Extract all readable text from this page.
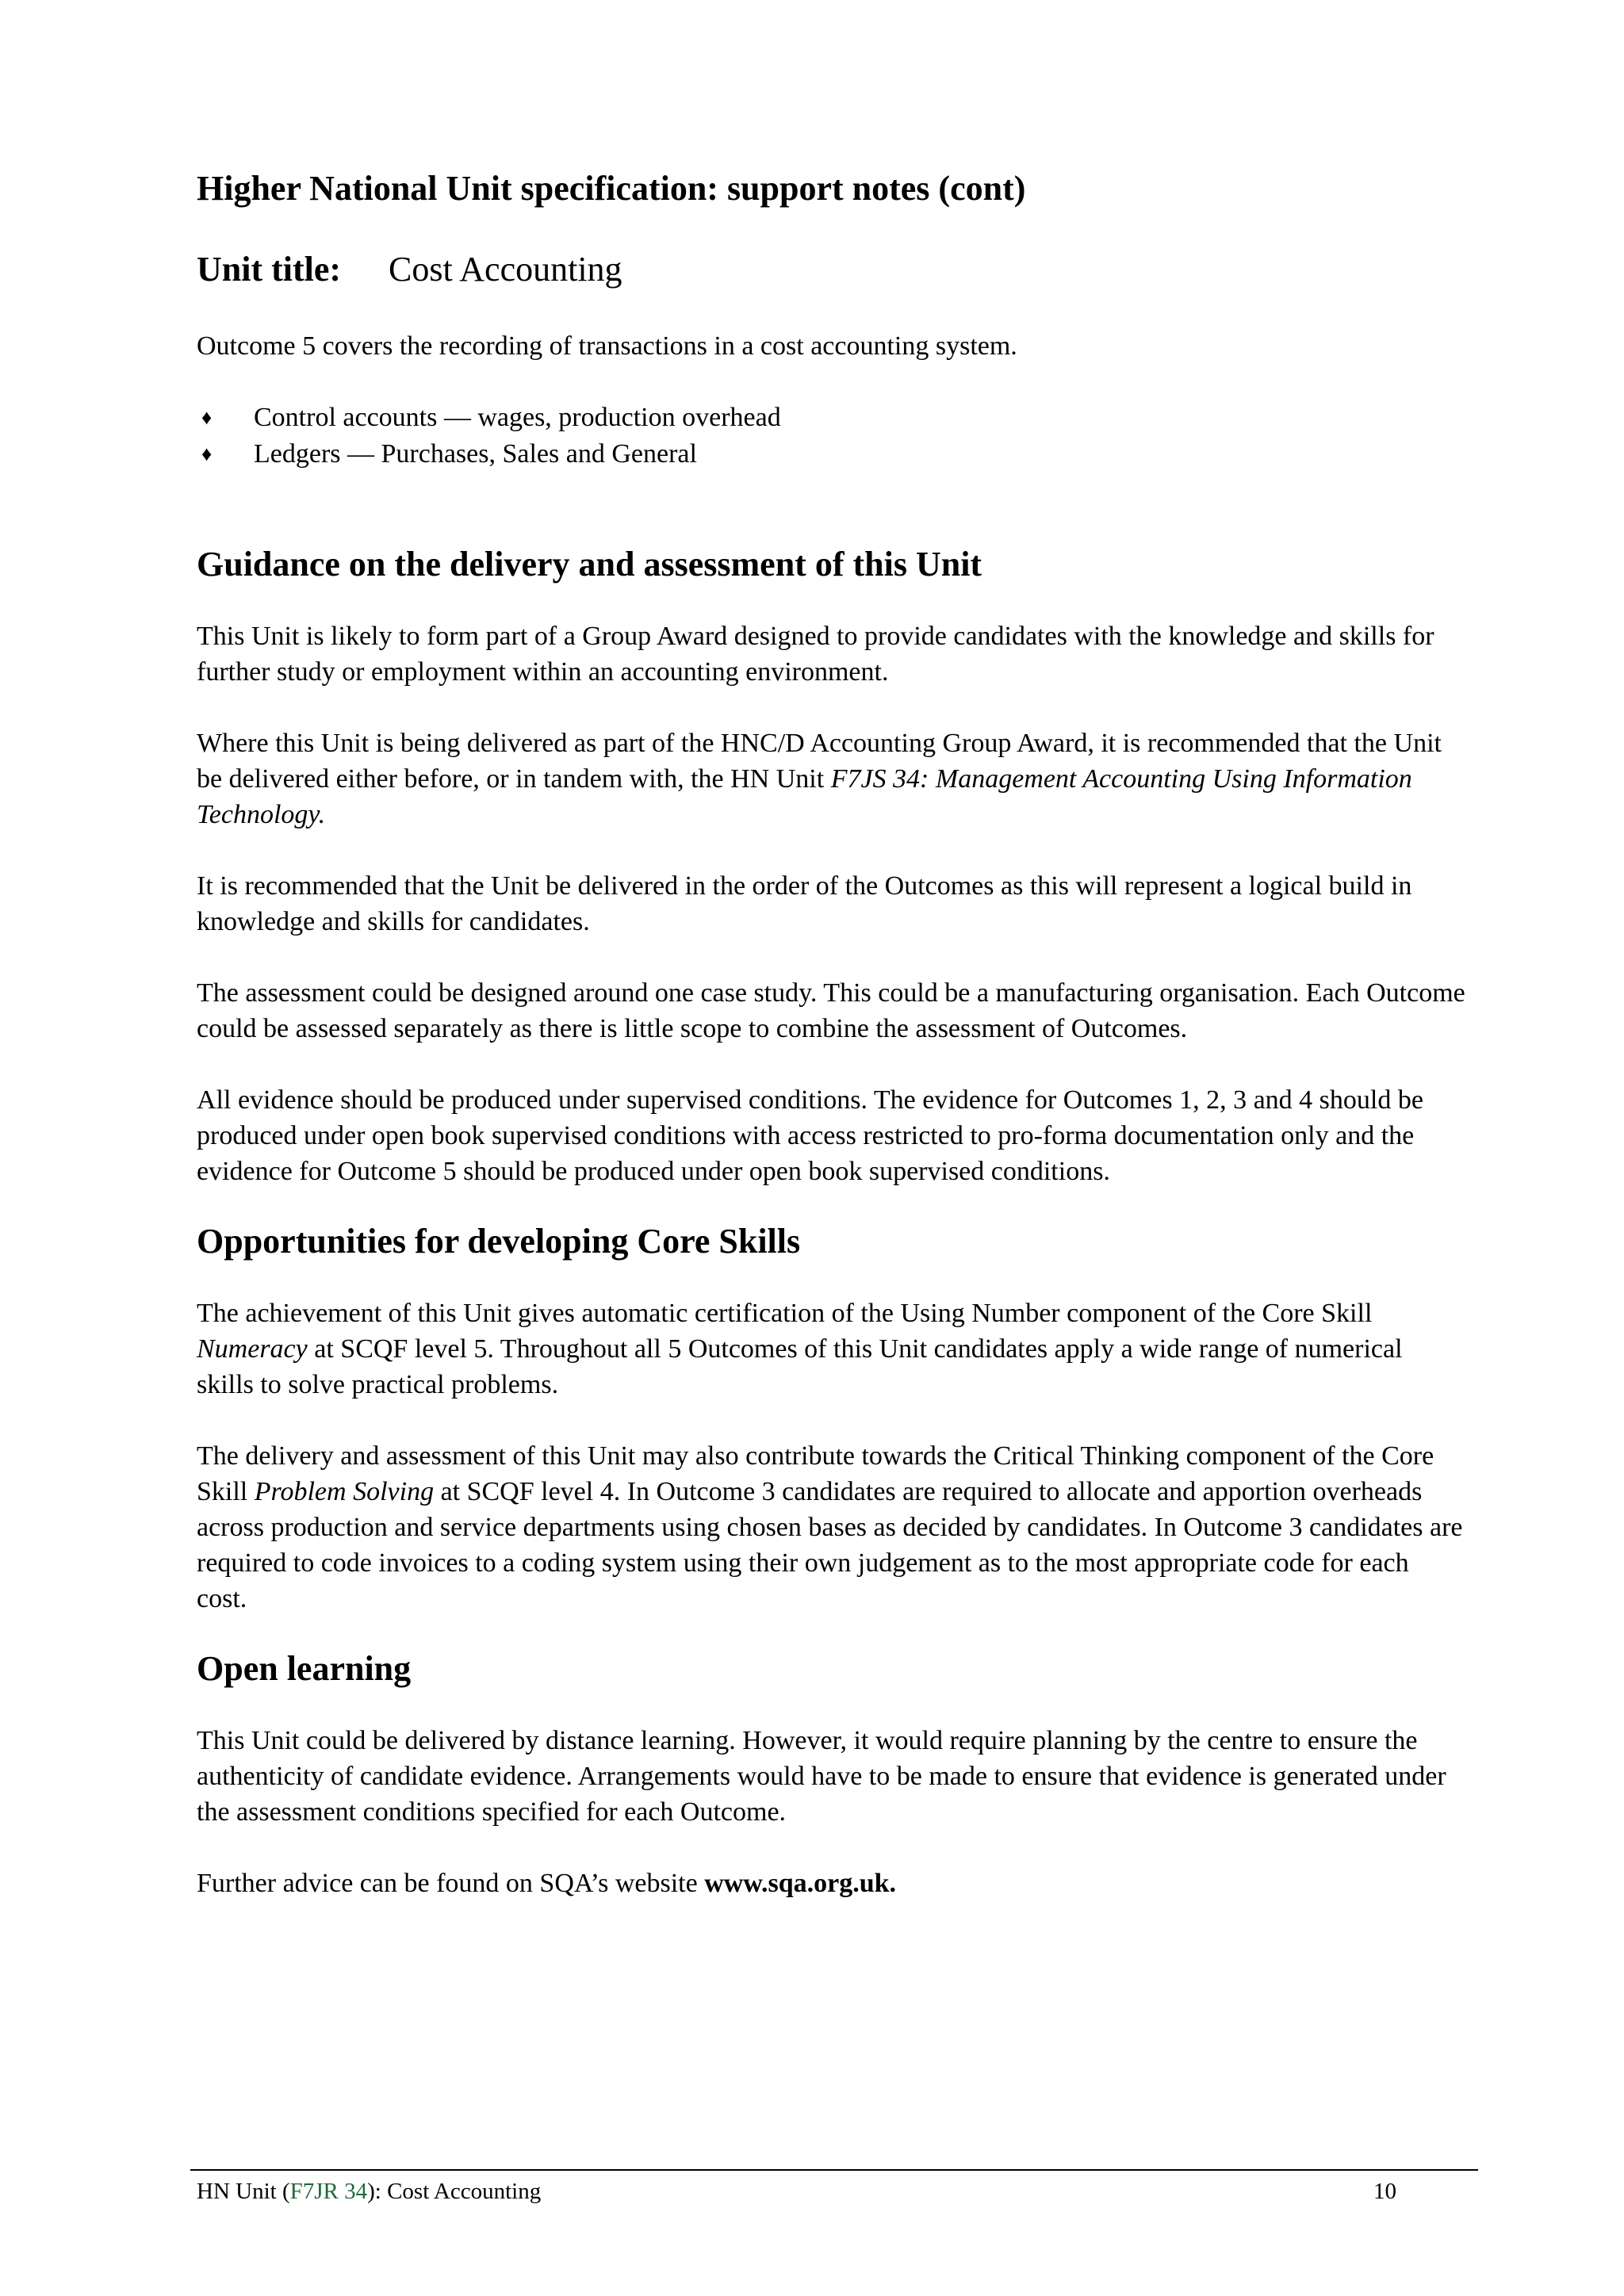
Higher National Unit specification: support notes (cont)
Unit title: Cost Accounting

Outcome 5 covers the recording of transactions in a cost accounting system.

♦ Control accounts — wages, production overhead
♦ Ledgers — Purchases, Sales and General
Guidance on the delivery and assessment of this Unit

This Unit is likely to form part of a Group Award designed to provide candidates with the knowledge and skills for further study or employment within an accounting environment.

Where this Unit is being delivered as part of the HNC/D Accounting Group Award, it is recommended that the Unit be delivered either before, or in tandem with, the HN Unit F7JS 34: Management Accounting Using Information Technology.

It is recommended that the Unit be delivered in the order of the Outcomes as this will represent a logical build in knowledge and skills for candidates.

The assessment could be designed around one case study. This could be a manufacturing organisation. Each Outcome could be assessed separately as there is little scope to combine the assessment of Outcomes.

All evidence should be produced under supervised conditions. The evidence for Outcomes 1, 2, 3 and 4 should be produced under open book supervised conditions with access restricted to pro-forma documentation only and the evidence for Outcome 5 should be produced under open book supervised conditions.

Opportunities for developing Core Skills

The achievement of this Unit gives automatic certification of the Using Number component of the Core Skill Numeracy at SCQF level 5. Throughout all 5 Outcomes of this Unit candidates apply a wide range of numerical skills to solve practical problems.

The delivery and assessment of this Unit may also contribute towards the Critical Thinking component of the Core Skill Problem Solving at SCQF level 4. In Outcome 3 candidates are required to allocate and apportion overheads across production and service departments using chosen bases as decided by candidates. In Outcome 3 candidates are required to code invoices to a coding system using their own judgement as to the most appropriate code for each cost.

Open learning

This Unit could be delivered by distance learning. However, it would require planning by the centre to ensure the authenticity of candidate evidence. Arrangements would have to be made to ensure that evidence is generated under the assessment conditions specified for each Outcome.

Further advice can be found on SQA’s website www.sqa.org.uk.

HN Unit (F7JR 34): Cost Accounting	10
